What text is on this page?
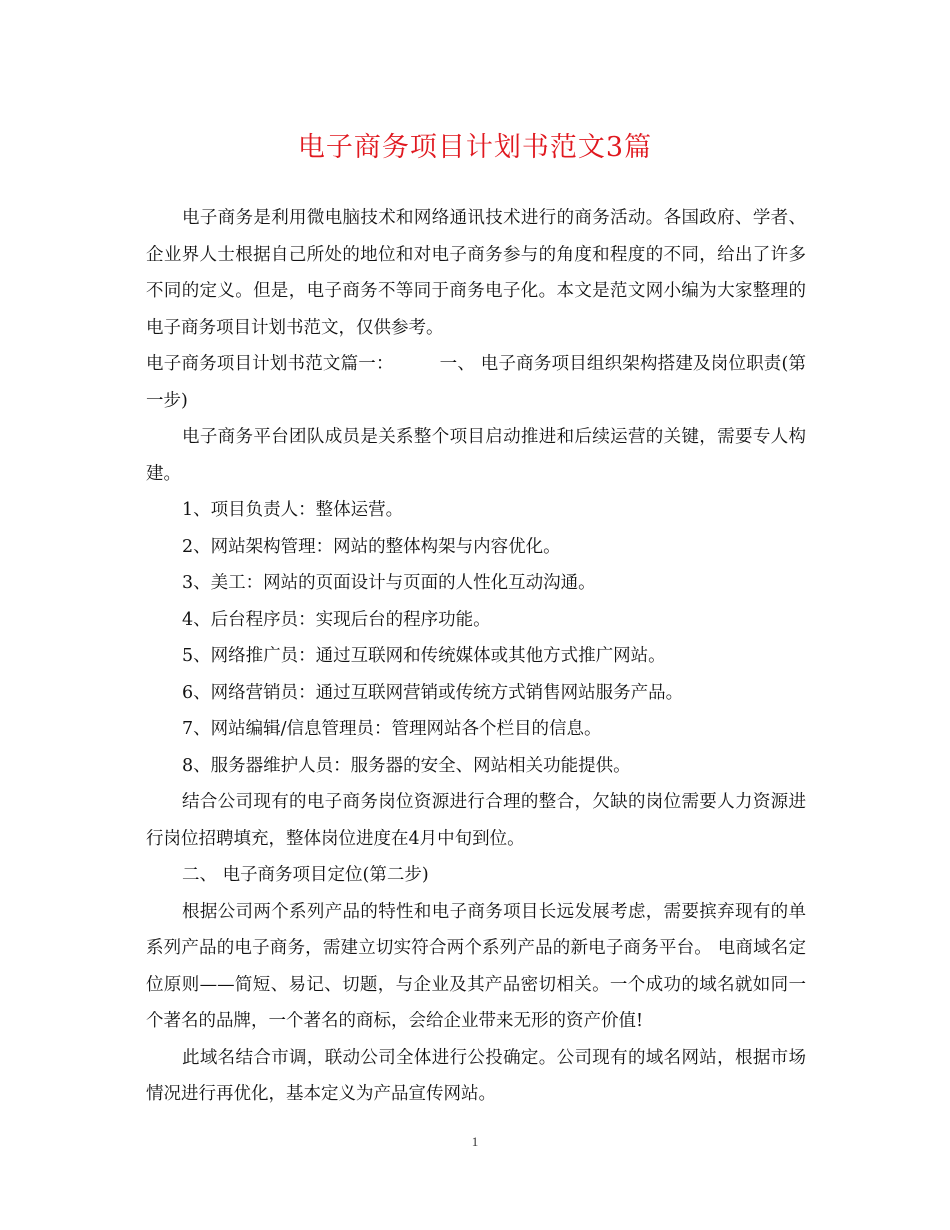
电子商务项目计划书范文3篇

电子商务是利用微电脑技术和网络通讯技术进行的商务活动。各国政府、学者、企业界人士根据自己所处的地位和对电子商务参与的角度和程度的不同，给出了许多不同的定义。但是，电子商务不等同于商务电子化。本文是范文网小编为大家整理的电子商务项目计划书范文，仅供参考。

电子商务项目计划书范文篇一：        一、 电子商务项目组织架构搭建及岗位职责(第一步)

电子商务平台团队成员是关系整个项目启动推进和后续运营的关键，需要专人构建。

1、项目负责人：整体运营。

2、网站架构管理：网站的整体构架与内容优化。

3、美工：网站的页面设计与页面的人性化互动沟通。

4、后台程序员：实现后台的程序功能。

5、网络推广员：通过互联网和传统媒体或其他方式推广网站。

6、网络营销员：通过互联网营销或传统方式销售网站服务产品。

7、网站编辑/信息管理员：管理网站各个栏目的信息。

8、服务器维护人员：服务器的安全、网站相关功能提供。

结合公司现有的电子商务岗位资源进行合理的整合，欠缺的岗位需要人力资源进行岗位招聘填充，整体岗位进度在4月中旬到位。

二、 电子商务项目定位(第二步)

根据公司两个系列产品的特性和电子商务项目长远发展考虑，需要摈弃现有的单系列产品的电子商务，需建立切实符合两个系列产品的新电子商务平台。 电商域名定位原则——简短、易记、切题，与企业及其产品密切相关。一个成功的域名就如同一个著名的品牌，一个著名的商标，会给企业带来无形的资产价值!

此域名结合市调，联动公司全体进行公投确定。公司现有的域名网站，根据市场情况进行再优化，基本定义为产品宣传网站。

1
